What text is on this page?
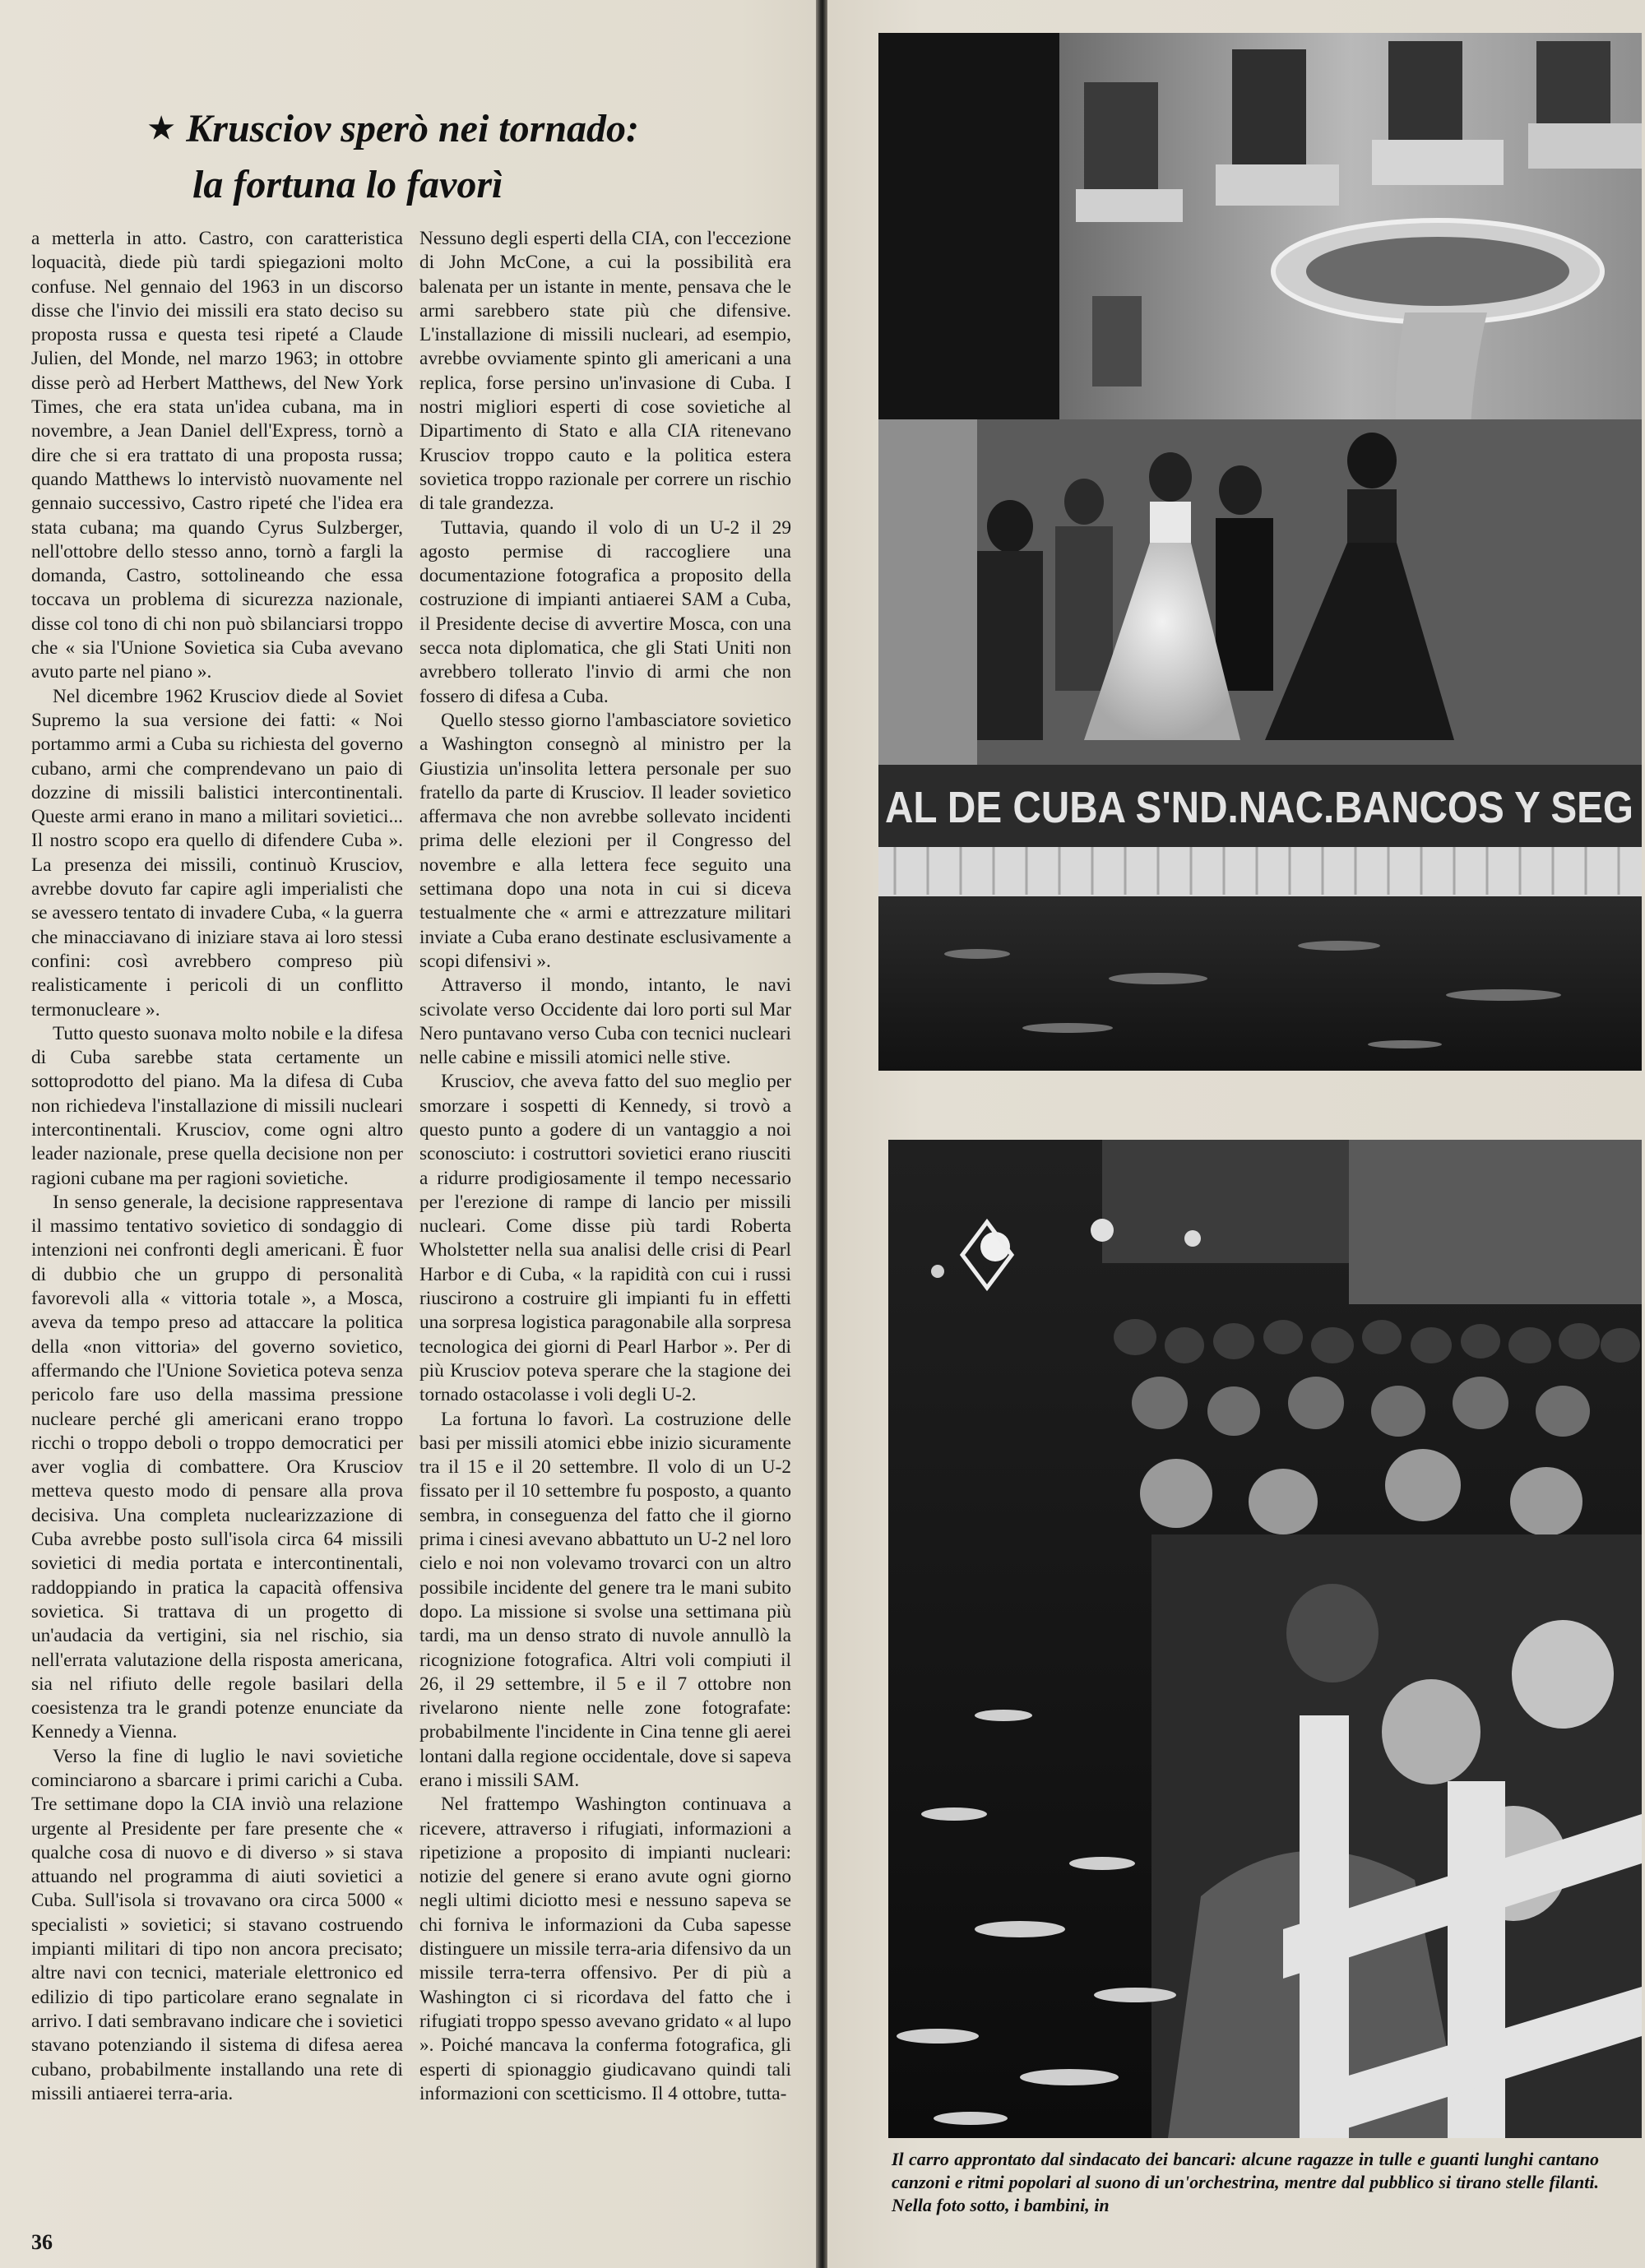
★ Krusciov sperò nei tornado:
la fortuna lo favorì

a metterla in atto. Castro, con caratteristica loquacità, diede più tardi spiegazioni molto confuse. Nel gennaio del 1963 in un discorso disse che l'invio dei missili era stato deciso su proposta russa e questa tesi ripeté a Claude Julien, del Monde, nel marzo 1963; in ottobre disse però ad Herbert Matthews, del New York Times, che era stata un'idea cubana, ma in novembre, a Jean Daniel dell'Express, tornò a dire che si era trattato di una proposta russa; quando Matthews lo intervistò nuovamente nel gennaio successivo, Castro ripeté che l'idea era stata cubana; ma quando Cyrus Sulzberger, nell'ottobre dello stesso anno, tornò a fargli la domanda, Castro, sottolineando che essa toccava un problema di sicurezza nazionale, disse col tono di chi non può sbilanciarsi troppo che « sia l'Unione Sovietica sia Cuba avevano avuto parte nel piano ».

Nel dicembre 1962 Krusciov diede al Soviet Supremo la sua versione dei fatti: « Noi portammo armi a Cuba su richiesta del governo cubano, armi che comprendevano un paio di dozzine di missili balistici intercontinentali. Queste armi erano in mano a militari sovietici... Il nostro scopo era quello di difendere Cuba ». La presenza dei missili, continuò Krusciov, avrebbe dovuto far capire agli imperialisti che se avessero tentato di invadere Cuba, « la guerra che minacciavano di iniziare stava ai loro stessi confini: così avrebbero compreso più realisticamente i pericoli di un conflitto termonucleare ».

Tutto questo suonava molto nobile e la difesa di Cuba sarebbe stata certamente un sottoprodotto del piano. Ma la difesa di Cuba non richiedeva l'installazione di missili nucleari intercontinentali. Krusciov, come ogni altro leader nazionale, prese quella decisione non per ragioni cubane ma per ragioni sovietiche.

In senso generale, la decisione rappresentava il massimo tentativo sovietico di sondaggio di intenzioni nei confronti degli americani. È fuor di dubbio che un gruppo di personalità favorevoli alla « vittoria totale », a Mosca, aveva da tempo preso ad attaccare la politica della «non vittoria» del governo sovietico, affermando che l'Unione Sovietica poteva senza pericolo fare uso della massima pressione nucleare perché gli americani erano troppo ricchi o troppo deboli o troppo democratici per aver voglia di combattere. Ora Krusciov metteva questo modo di pensare alla prova decisiva. Una completa nuclearizzazione di Cuba avrebbe posto sull'isola circa 64 missili sovietici di media portata e intercontinentali, raddoppiando in pratica la capacità offensiva sovietica. Si trattava di un progetto di un'audacia da vertigini, sia nel rischio, sia nell'errata valutazione della risposta americana, sia nel rifiuto delle regole basilari della coesistenza tra le grandi potenze enunciate da Kennedy a Vienna.

Verso la fine di luglio le navi sovietiche cominciarono a sbarcare i primi carichi a Cuba. Tre settimane dopo la CIA inviò una relazione urgente al Presidente per fare presente che « qualche cosa di nuovo e di diverso » si stava attuando nel programma di aiuti sovietici a Cuba. Sull'isola si trovavano ora circa 5000 « specialisti » sovietici; si stavano costruendo impianti militari di tipo non ancora precisato; altre navi con tecnici, materiale elettronico ed edilizio di tipo particolare erano segnalate in arrivo. I dati sembravano indicare che i sovietici stavano potenziando il sistema di difesa aerea cubano, probabilmente installando una rete di missili antiaerei terra-aria.

Nessuno degli esperti della CIA, con l'eccezione di John McCone, a cui la possibilità era balenata per un istante in mente, pensava che le armi sarebbero state più che difensive. L'installazione di missili nucleari, ad esempio, avrebbe ovviamente spinto gli americani a una replica, forse persino un'invasione di Cuba. I nostri migliori esperti di cose sovietiche al Dipartimento di Stato e alla CIA ritenevano Krusciov troppo cauto e la politica estera sovietica troppo razionale per correre un rischio di tale grandezza.

Tuttavia, quando il volo di un U-2 il 29 agosto permise di raccogliere una documentazione fotografica a proposito della costruzione di impianti antiaerei SAM a Cuba, il Presidente decise di avvertire Mosca, con una secca nota diplomatica, che gli Stati Uniti non avrebbero tollerato l'invio di armi che non fossero di difesa a Cuba.

Quello stesso giorno l'ambasciatore sovietico a Washington consegnò al ministro per la Giustizia un'insolita lettera personale per suo fratello da parte di Krusciov. Il leader sovietico affermava che non avrebbe sollevato incidenti prima delle elezioni per il Congresso del novembre e alla lettera fece seguito una settimana dopo una nota in cui si diceva testualmente che « armi e attrezzature militari inviate a Cuba erano destinate esclusivamente a scopi difensivi ».

Attraverso il mondo, intanto, le navi scivolate verso Occidente dai loro porti sul Mar Nero puntavano verso Cuba con tecnici nucleari nelle cabine e missili atomici nelle stive.

Krusciov, che aveva fatto del suo meglio per smorzare i sospetti di Kennedy, si trovò a questo punto a godere di un vantaggio a noi sconosciuto: i costruttori sovietici erano riusciti a ridurre prodigiosamente il tempo necessario per l'erezione di rampe di lancio per missili nucleari. Come disse più tardi Roberta Wholstetter nella sua analisi delle crisi di Pearl Harbor e di Cuba, « la rapidità con cui i russi riuscirono a costruire gli impianti fu in effetti una sorpresa logistica paragonabile alla sorpresa tecnologica dei giorni di Pearl Harbor ». Per di più Krusciov poteva sperare che la stagione dei tornado ostacolasse i voli degli U-2.

La fortuna lo favorì. La costruzione delle basi per missili atomici ebbe inizio sicuramente tra il 15 e il 20 settembre. Il volo di un U-2 fissato per il 10 settembre fu posposto, a quanto sembra, in conseguenza del fatto che il giorno prima i cinesi avevano abbattuto un U-2 nel loro cielo e noi non volevamo trovarci con un altro possibile incidente del genere tra le mani subito dopo. La missione si svolse una settimana più tardi, ma un denso strato di nuvole annullò la ricognizione fotografica. Altri voli compiuti il 26, il 29 settembre, il 5 e il 7 ottobre non rivelarono niente nelle zone fotografate: probabilmente l'incidente in Cina tenne gli aerei lontani dalla regione occidentale, dove si sapeva erano i missili SAM.

Nel frattempo Washington continuava a ricevere, attraverso i rifugiati, informazioni a ripetizione a proposito di impianti nucleari: notizie del genere si erano avute ogni giorno negli ultimi diciotto mesi e nessuno sapeva se chi forniva le informazioni da Cuba sapesse distinguere un missile terra-aria difensivo da un missile terra-terra offensivo. Per di più a Washington ci si ricordava del fatto che i rifugiati troppo spesso avevano gridato « al lupo ». Poiché mancava la conferma fotografica, gli esperti di spionaggio giudicavano quindi tali informazioni con scetticismo. Il 4 ottobre, tutta-

36
AL DE CUBA S'ND.NAC.BANCOS Y SEG
Il carro approntato dal sindacato dei bancari: alcune ragazze in tulle e guanti lunghi cantano canzoni e ritmi popolari al suono di un'orchestrina, mentre dal pubblico si tirano stelle filanti. Nella foto sotto, i bambini, in
